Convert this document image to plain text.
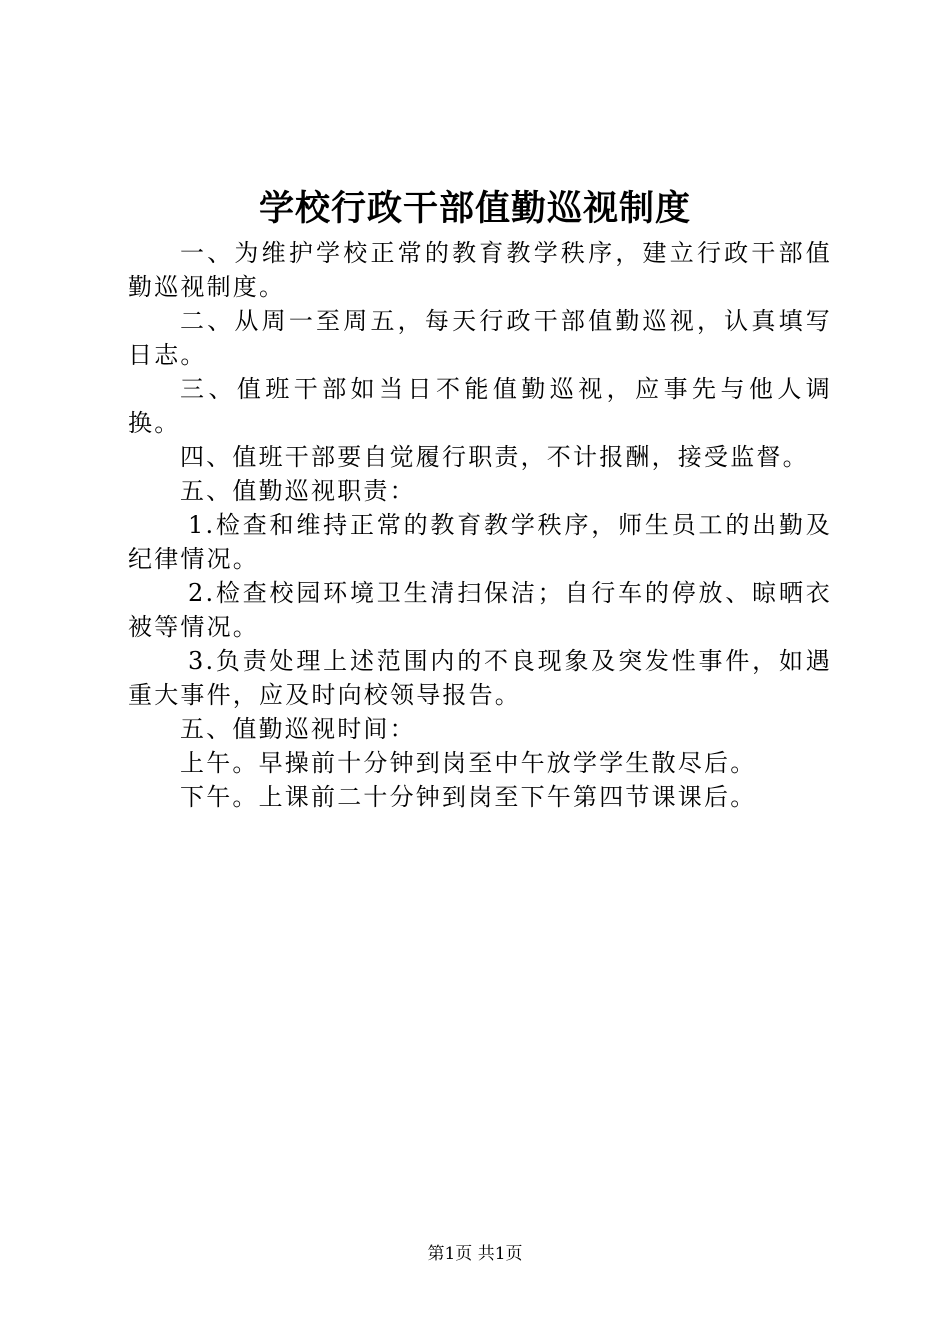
学校行政干部值勤巡视制度

一、为维护学校正常的教育教学秩序，建立行政干部值勤巡视制度。

二、从周一至周五，每天行政干部值勤巡视，认真填写日志。

三、值班干部如当日不能值勤巡视，应事先与他人调换。

四、值班干部要自觉履行职责，不计报酬，接受监督。

五、值勤巡视职责：

1.检查和维持正常的教育教学秩序，师生员工的出勤及纪律情况。

2.检查校园环境卫生清扫保洁；自行车的停放、晾晒衣被等情况。

3.负责处理上述范围内的不良现象及突发性事件，如遇重大事件，应及时向校领导报告。

五、值勤巡视时间：

上午。早操前十分钟到岗至中午放学学生散尽后。

下午。上课前二十分钟到岗至下午第四节课课后。

第1页 共1页
